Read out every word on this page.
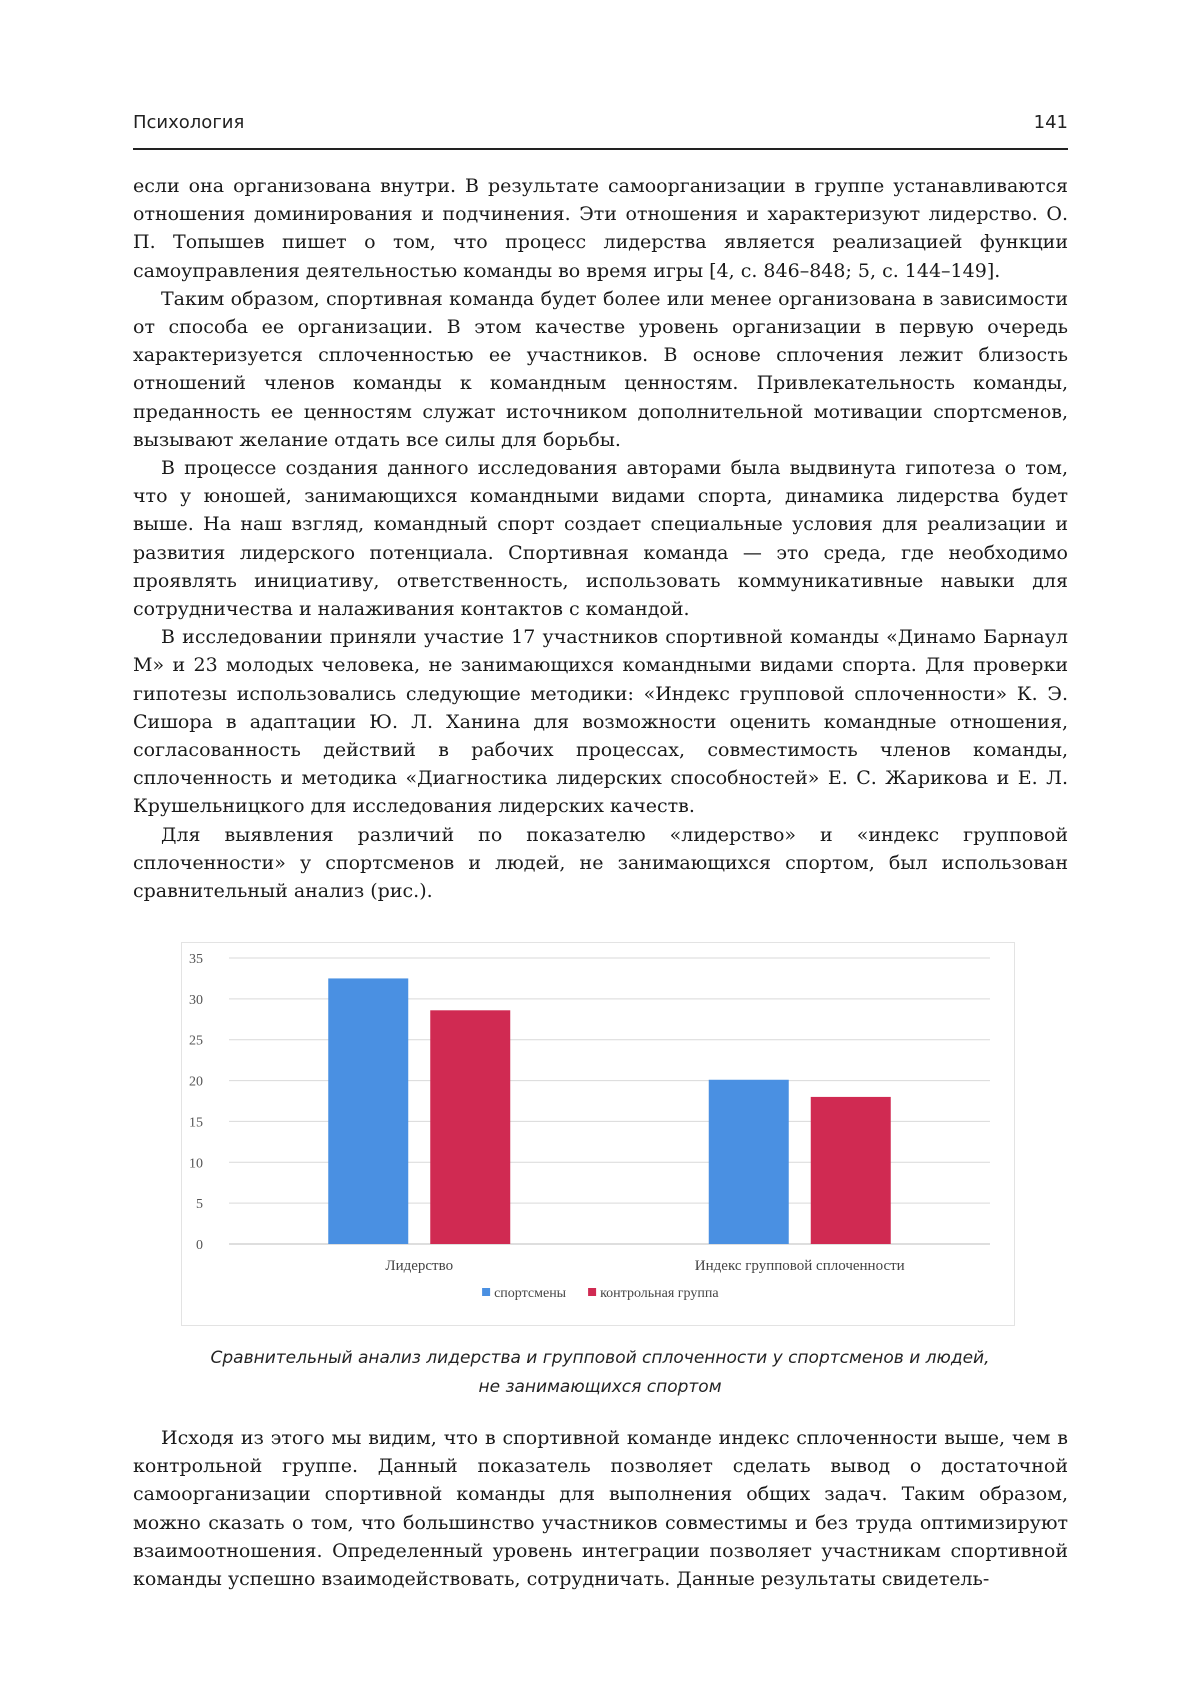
Психология	141

если она организована внутри. В результате самоорганизации в группе устанавливаются отношения доминирования и подчинения. Эти отношения и характеризуют лидерство. О. П. Топышев пишет о том, что процесс лидерства является реализацией функции самоуправления деятельностью команды во время игры [4, с. 846–848; 5, с. 144–149].

Таким образом, спортивная команда будет более или менее организована в зависимости от способа ее организации. В этом качестве уровень организации в первую очередь характеризуется сплоченностью ее участников. В основе сплочения лежит близость отношений членов команды к командным ценностям. Привлекательность команды, преданность ее ценностям служат источником дополнительной мотивации спортсменов, вызывают желание отдать все силы для борьбы.

В процессе создания данного исследования авторами была выдвинута гипотеза о том, что у юношей, занимающихся командными видами спорта, динамика лидерства будет выше. На наш взгляд, командный спорт создает специальные условия для реализации и развития лидерского потенциала. Спортивная команда — это среда, где необходимо проявлять инициативу, ответственность, использовать коммуникативные навыки для сотрудничества и налаживания контактов с командой.

В исследовании приняли участие 17 участников спортивной команды «Динамо Барнаул М» и 23 молодых человека, не занимающихся командными видами спорта. Для проверки гипотезы использовались следующие методики: «Индекс групповой сплоченности» К. Э. Сишора в адаптации Ю. Л. Ханина для возможности оценить командные отношения, согласованность действий в рабочих процессах, совместимость членов команды, сплоченность и методика «Диагностика лидерских способностей» Е. С. Жарикова и Е. Л. Крушельницкого для исследования лидерских качеств.

Для выявления различий по показателю «лидерство» и «индекс групповой сплоченности» у спортсменов и людей, не занимающихся спортом, был использован сравнительный анализ (рис.).

0
5
10
15
20
25
30
35
Лидерство	Индекс групповой сплоченности
спортсмены контрольная группа
Сравнительный анализ лидерства и групповой сплоченности у спортсменов и людей,
не занимающихся спортом

Исходя из этого мы видим, что в спортивной команде индекс сплоченности выше, чем в контрольной группе. Данный показатель позволяет сделать вывод о достаточной самоорганизации спортивной команды для выполнения общих задач. Таким образом, можно сказать о том, что большинство участников совместимы и без труда оптимизируют взаимоотношения. Определенный уровень интеграции позволяет участникам спортивной команды успешно взаимодействовать, сотрудничать. Данные результаты свидетель-
